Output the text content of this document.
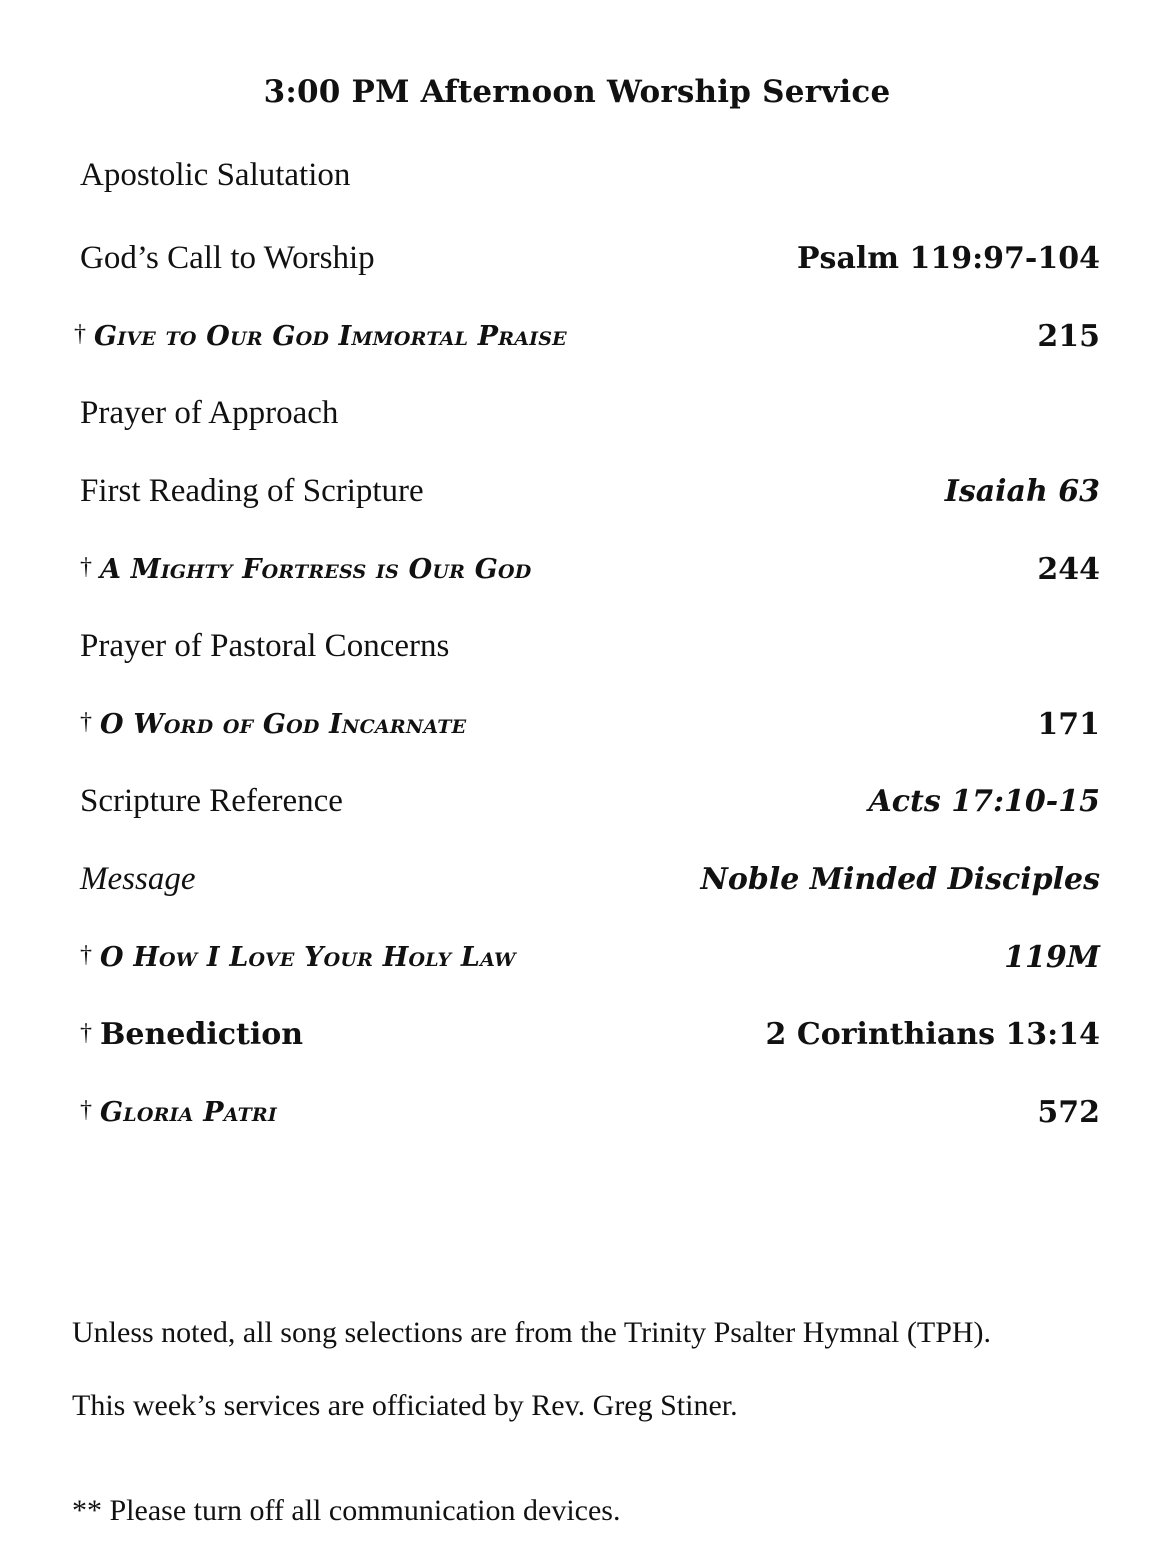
3:00 PM Afternoon Worship Service
Apostolic Salutation
God’s Call to Worship	Psalm 119:97-104
† Give to Our God Immortal Praise	215
Prayer of Approach
First Reading of Scripture	Isaiah 63
† A Mighty Fortress is Our God	244
Prayer of Pastoral Concerns
† O Word of God Incarnate	171
Scripture Reference	Acts 17:10-15
Message	Noble Minded Disciples
† O How I Love Your Holy Law	119M
† Benediction	2 Corinthians 13:14
† Gloria Patri	572
Unless noted, all song selections are from the Trinity Psalter Hymnal (TPH).
This week’s services are officiated by Rev. Greg Stiner.
** Please turn off all communication devices.
